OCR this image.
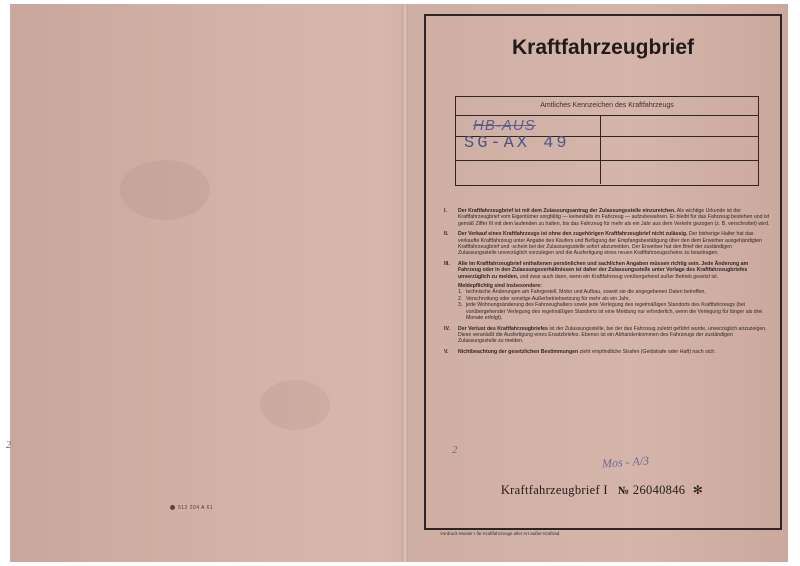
2
512 204 A 61
Kraftfahrzeugbrief
Amtliches Kennzeichen des Kraftfahrzeugs
HB-AUS
SG-AX 49
I. Der Kraftfahrzeugbrief ist mit dem Zulassungsantrag der Zulassungsstelle einzureichen. Als wichtige Urkunde ist der Kraftfahrzeugbrief vom Eigentümer sorgfältig — keinesfalls im Fahrzeug — aufzubewahren. Er bleibt für das Fahrzeug bestehen und ist gemäß Ziffer III mit dem laufenden zu halten, bis das Fahrzeug für mehr als ein Jahr aus dem Verkehr gezogen (z. B. verschrottet) wird.
II. Der Verkauf eines Kraftfahrzeugs ist ohne den zugehörigen Kraftfahrzeugbrief nicht zulässig. Der bisherige Halter hat das verkaufte Kraftfahrzeug unter Angabe des Käufers und Befügung der Empfangsbestätigung über den dem Erwerber ausgehändigten Kraftfahrzeugbrief und -schein bei der Zulassungsstelle sofort abzumelden. Der Erwerber hat den Brief der zuständigen Zulassungsstelle unverzüglich vorzulegen und die Ausfertigung eines neuen Kraftfahrzeugscheins zu beantragen.
III. Alle im Kraftfahrzeugbrief enthaltenen persönlichen und sachlichen Angaben müssen richtig sein. Jede Änderung am Fahrzeug oder in den Zulassungsverhältnissen ist daher der Zulassungsstelle unter Vorlage des Kraftfahrzeugbriefes unverzüglich zu melden, und zwar auch dann, wenn ein Kraftfahrzeug vorübergehend außer Betrieb gesetzt ist.
Meldepflichtig sind insbesondere:
1. technische Änderungen am Fahrgestell, Motor und Aufbau, soweit sie die angegebenen Daten betreffen,
2. Verschrottung oder sonstige Außerbetriebsetzung für mehr als ein Jahr,
3. jede Wohnungsänderung des Fahrzeughalters sowie jede Verlegung des regelmäßigen Standorts des Kraftfahrzeugs (bei vorübergehender Verlegung des regelmäßigen Standorts ist eine Meldung nur erforderlich, wenn die Verlegung für länger als drei Monate erfolgt).
IV. Der Verlust des Kraftfahrzeugbriefes ist der Zulassungsstelle, bei der das Fahrzeug zuletzt geführt wurde, unverzüglich anzuzeigen. Diese veranlaßt die Ausfertigung eines Ersatzbriefes. Ebenso ist ein Abhandenkommen des Fahrzeugs der zuständigen Zulassungsstelle zu melden.
V. Nichtbeachtung der gesetzlichen Bestimmungen zieht empfindliche Strafen (Geldstrafe oder Haft) nach sich.
2
Mos - A/3
Kraftfahrzeugbrief I № 26040846 ✻
Vordruck Muster I für Kraftfahrzeuge aller Art außer Kraftrad.
